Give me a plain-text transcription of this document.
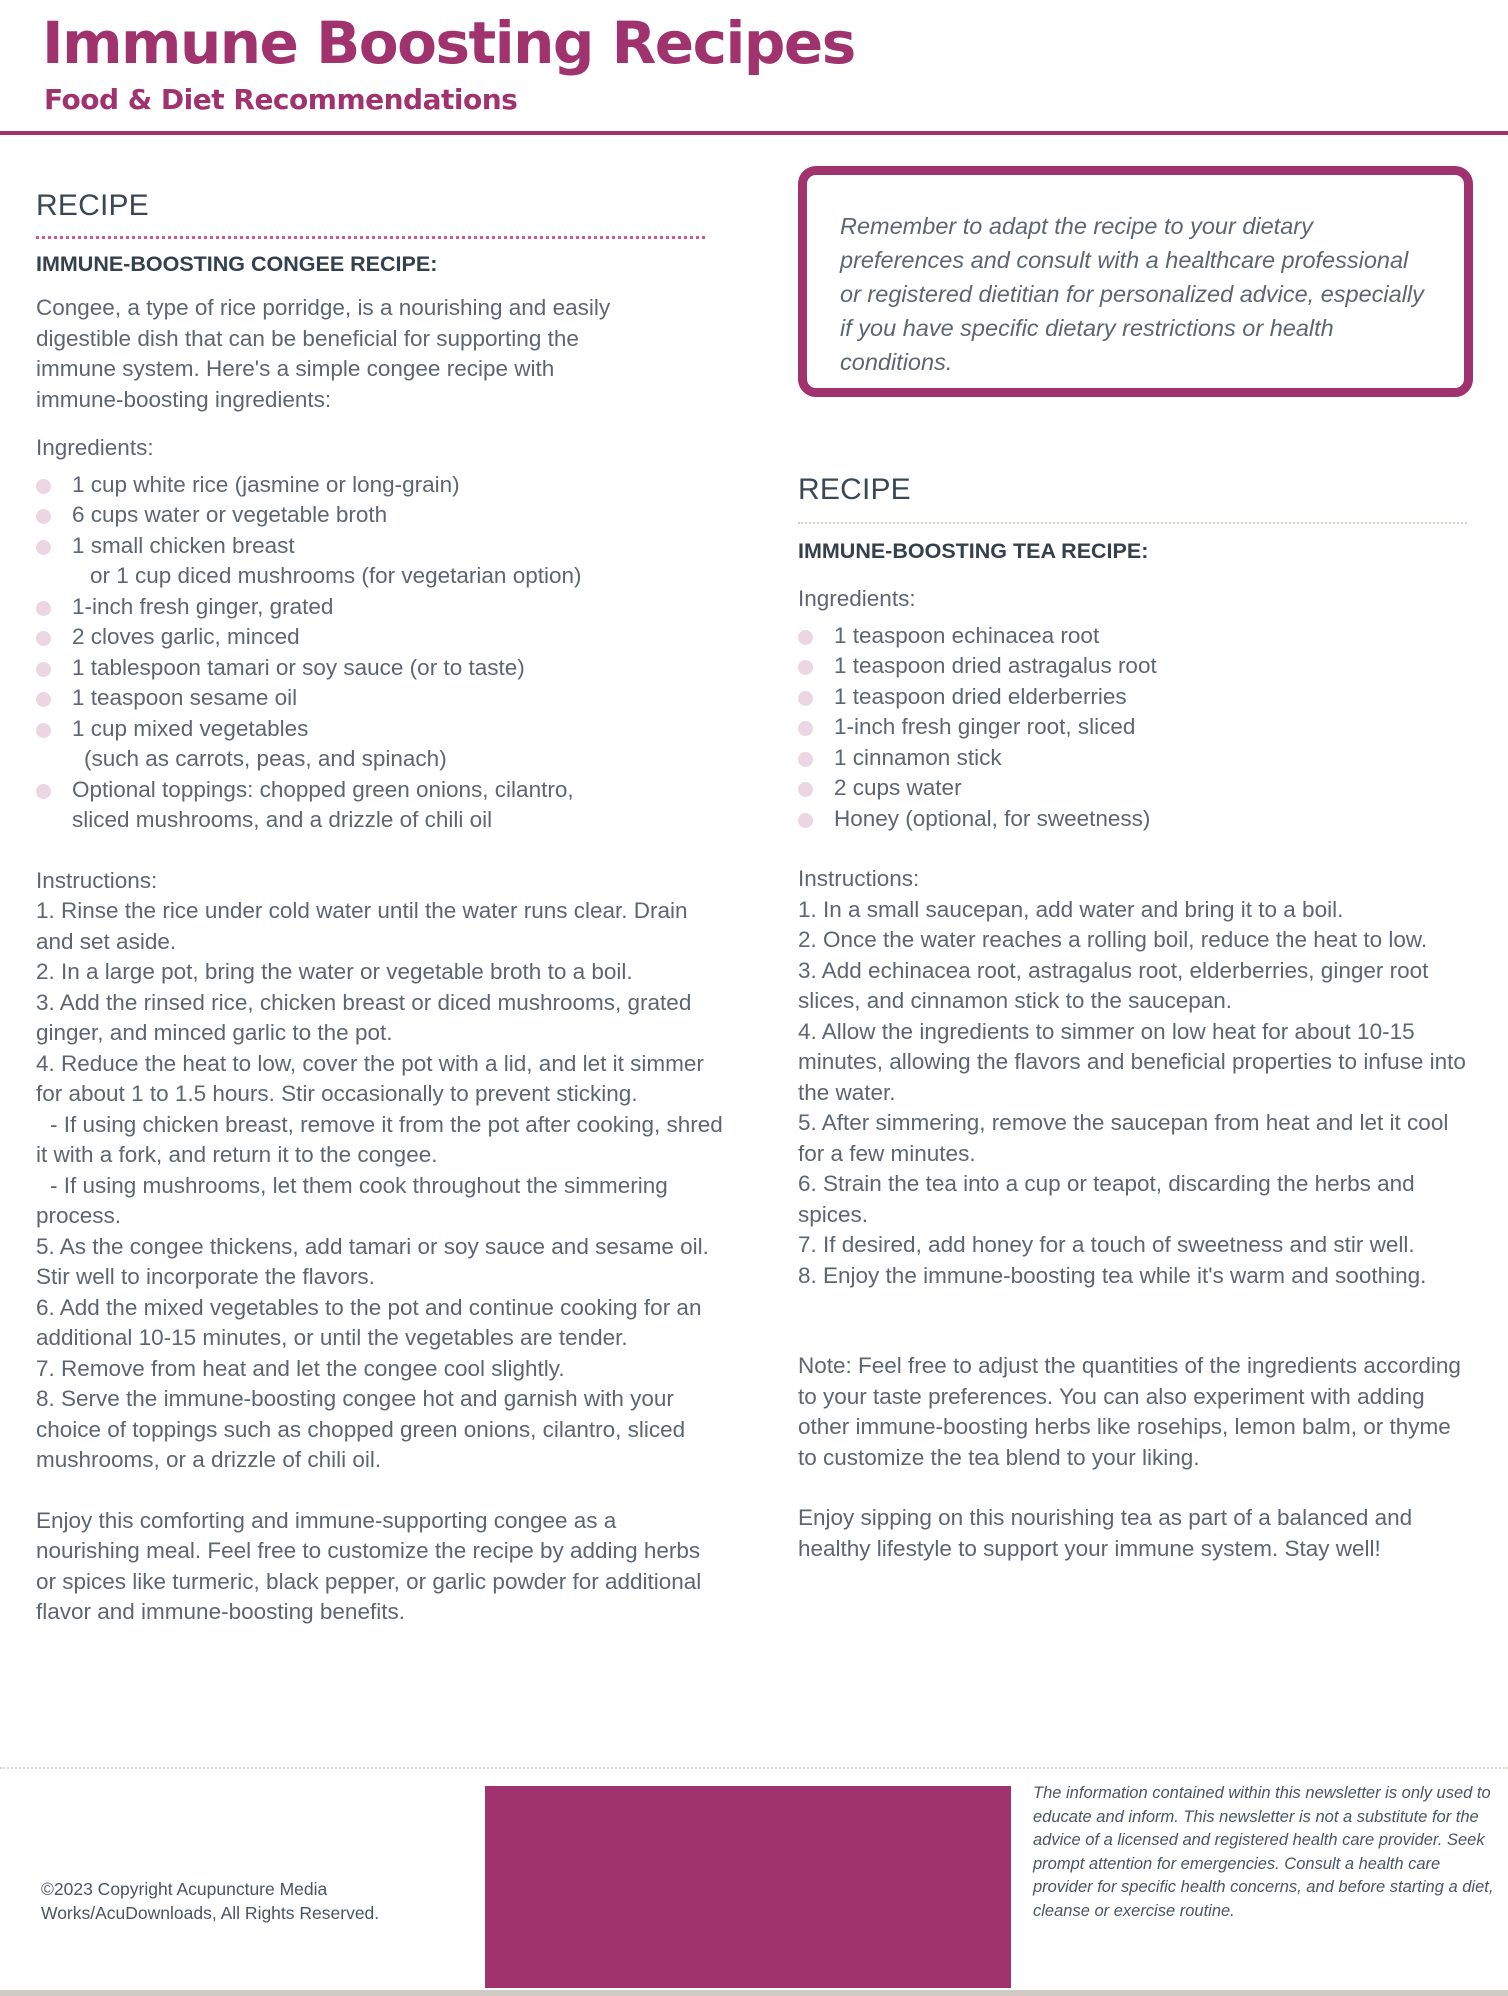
Immune Boosting Recipes
Food & Diet Recommendations
RECIPE
IMMUNE-BOOSTING CONGEE RECIPE:

Congee, a type of rice porridge, is a nourishing and easily digestible dish that can be beneficial for supporting the immune system. Here's a simple congee recipe with immune-boosting ingredients:

Ingredients:
1 cup white rice (jasmine or long-grain)
6 cups water or vegetable broth
1 small chicken breast
or 1 cup diced mushrooms (for vegetarian option)
1-inch fresh ginger, grated
2 cloves garlic, minced
1 tablespoon tamari or soy sauce (or to taste)
1 teaspoon sesame oil
1 cup mixed vegetables
(such as carrots, peas, and spinach)
Optional toppings: chopped green onions, cilantro,
sliced mushrooms, and a drizzle of chili oil
Instructions:
1. Rinse the rice under cold water until the water runs clear. Drain and set aside.
2. In a large pot, bring the water or vegetable broth to a boil.
3. Add the rinsed rice, chicken breast or diced mushrooms, grated ginger, and minced garlic to the pot.
4. Reduce the heat to low, cover the pot with a lid, and let it simmer for about 1 to 1.5 hours. Stir occasionally to prevent sticking.
- If using chicken breast, remove it from the pot after cooking, shred it with a fork, and return it to the congee.
- If using mushrooms, let them cook throughout the simmering process.
5. As the congee thickens, add tamari or soy sauce and sesame oil. Stir well to incorporate the flavors.
6. Add the mixed vegetables to the pot and continue cooking for an additional 10-15 minutes, or until the vegetables are tender.
7. Remove from heat and let the congee cool slightly.
8. Serve the immune-boosting congee hot and garnish with your choice of toppings such as chopped green onions, cilantro, sliced mushrooms, or a drizzle of chili oil.

Enjoy this comforting and immune-supporting congee as a nourishing meal. Feel free to customize the recipe by adding herbs or spices like turmeric, black pepper, or garlic powder for additional flavor and immune-boosting benefits.

Remember to adapt the recipe to your dietary preferences and consult with a healthcare professional or registered dietitian for personalized advice, especially if you have specific dietary restrictions or health conditions.

RECIPE
IMMUNE-BOOSTING TEA RECIPE:
Ingredients:
1 teaspoon echinacea root
1 teaspoon dried astragalus root
1 teaspoon dried elderberries
1-inch fresh ginger root, sliced
1 cinnamon stick
2 cups water
Honey (optional, for sweetness)
Instructions:
1. In a small saucepan, add water and bring it to a boil.
2. Once the water reaches a rolling boil, reduce the heat to low.
3. Add echinacea root, astragalus root, elderberries, ginger root slices, and cinnamon stick to the saucepan.
4. Allow the ingredients to simmer on low heat for about 10-15 minutes, allowing the flavors and beneficial properties to infuse into the water.
5. After simmering, remove the saucepan from heat and let it cool for a few minutes.
6. Strain the tea into a cup or teapot, discarding the herbs and spices.
7. If desired, add honey for a touch of sweetness and stir well.
8. Enjoy the immune-boosting tea while it's warm and soothing.

Note: Feel free to adjust the quantities of the ingredients according to your taste preferences. You can also experiment with adding other immune-boosting herbs like rosehips, lemon balm, or thyme to customize the tea blend to your liking.

Enjoy sipping on this nourishing tea as part of a balanced and healthy lifestyle to support your immune system. Stay well!

©2023 Copyright Acupuncture Media Works/AcuDownloads, All Rights Reserved.
The information contained within this newsletter is only used to educate and inform. This newsletter is not a substitute for the advice of a licensed and registered health care provider. Seek prompt attention for emergencies. Consult a health care provider for specific health concerns, and before starting a diet, cleanse or exercise routine.
